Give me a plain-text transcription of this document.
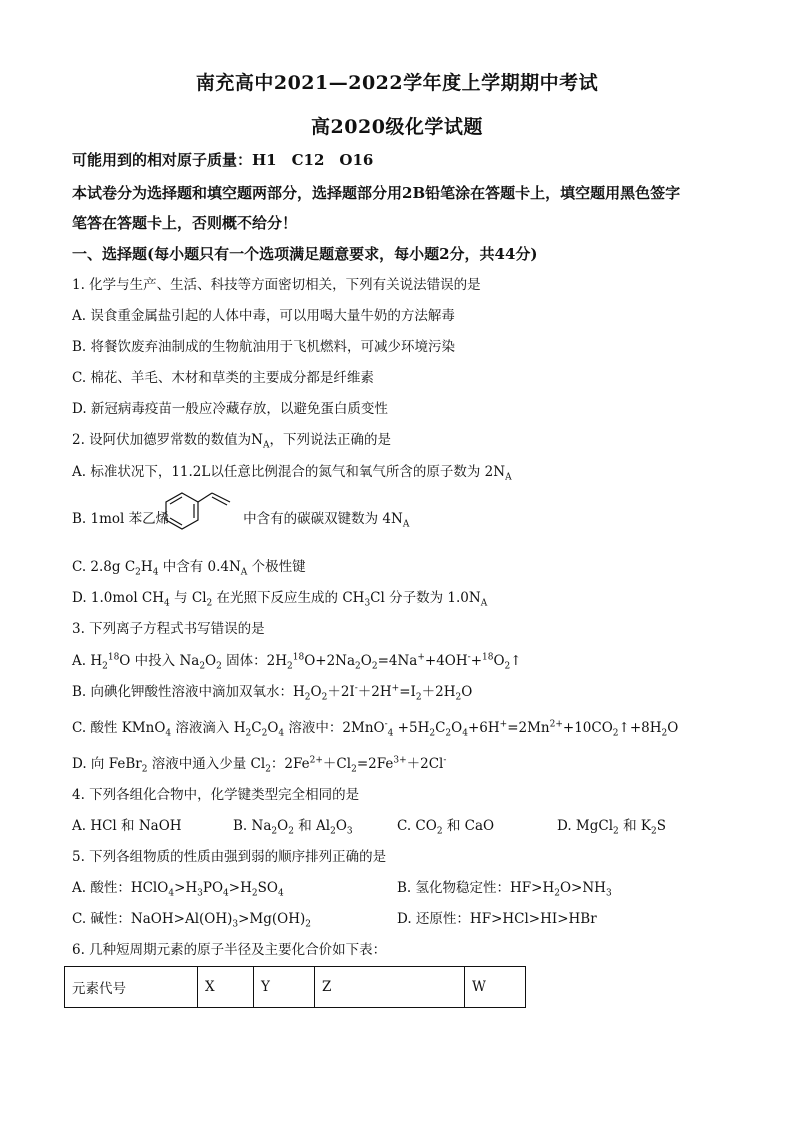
南充高中2021—2022学年度上学期期中考试
高2020级化学试题
可能用到的相对原子质量：H1　C12　O16
本试卷分为选择题和填空题两部分，选择题部分用2B铅笔涂在答题卡上，填空题用黑色签字
笔答在答题卡上，否则概不给分！
一、选择题(每小题只有一个选项满足题意要求，每小题2分，共44分)
1. 化学与生产、生活、科技等方面密切相关，下列有关说法错误的是
A. 误食重金属盐引起的人体中毒，可以用喝大量牛奶的方法解毒
B. 将餐饮废弃油制成的生物航油用于飞机燃料，可减少环境污染
C. 棉花、羊毛、木材和草类的主要成分都是纤维素
D. 新冠病毒疫苗一般应冷藏存放，以避免蛋白质变性
2. 设阿伏加德罗常数的数值为$N_A$，下列说法正确的是
A. 标准状况下，11.2L以任意比例混合的氮气和氧气所含的原子数为 $2N_A$
B. 1mol 苯乙烯	中含有的碳碳双键数为 $4N_A$
C. 2.8g $C_2H_4$ 中含有 $0.4N_A$ 个极性键
D. 1.0mol $CH_4$ 与 $Cl_2$ 在光照下反应生成的 $CH_3Cl$ 分子数为 $1.0N_A$
3. 下列离子方程式书写错误的是
A. $H_2^{18}O$ 中投入 $Na_2O_2$ 固体：$2H_2^{18}O+2Na_2O_2=4Na^++4OH^-+^{18}O_2↑$
B. 向碘化钾酸性溶液中滴加双氧水：$H_2O_2+2I^-+2H^+=I_2+2H_2O$
C. 酸性 KMnO$_4$ 溶液滴入 $H_2C_2O_4$ 溶液中：$2MnO^-_4 +5H_2C_2O_4+6H^+=2Mn^{2+}+10CO_2↑+8H_2O$
D. 向 FeBr$_2$ 溶液中通入少量 $Cl_2$：$2Fe^{2+}+Cl_2=2Fe^{3+}+2Cl^-$
4. 下列各组化合物中，化学键类型完全相同的是
A. HCl 和 NaOH	B. $Na_2O_2$ 和 $Al_2O_3$	C. $CO_2$ 和 CaO	D. MgCl$_2$ 和 $K_2S$
5. 下列各组物质的性质由强到弱的顺序排列正确的是
A. 酸性：$HClO_4>H_3PO_4>H_2SO_4$	B. 氢化物稳定性：$HF>H_2O>NH_3$
C. 碱性：$NaOH>Al(OH)_3>Mg(OH)_2$	D. 还原性：HF>HCl>HI>HBr
6. 几种短周期元素的原子半径及主要化合价如下表：
元素代号	X	Y	Z	W
